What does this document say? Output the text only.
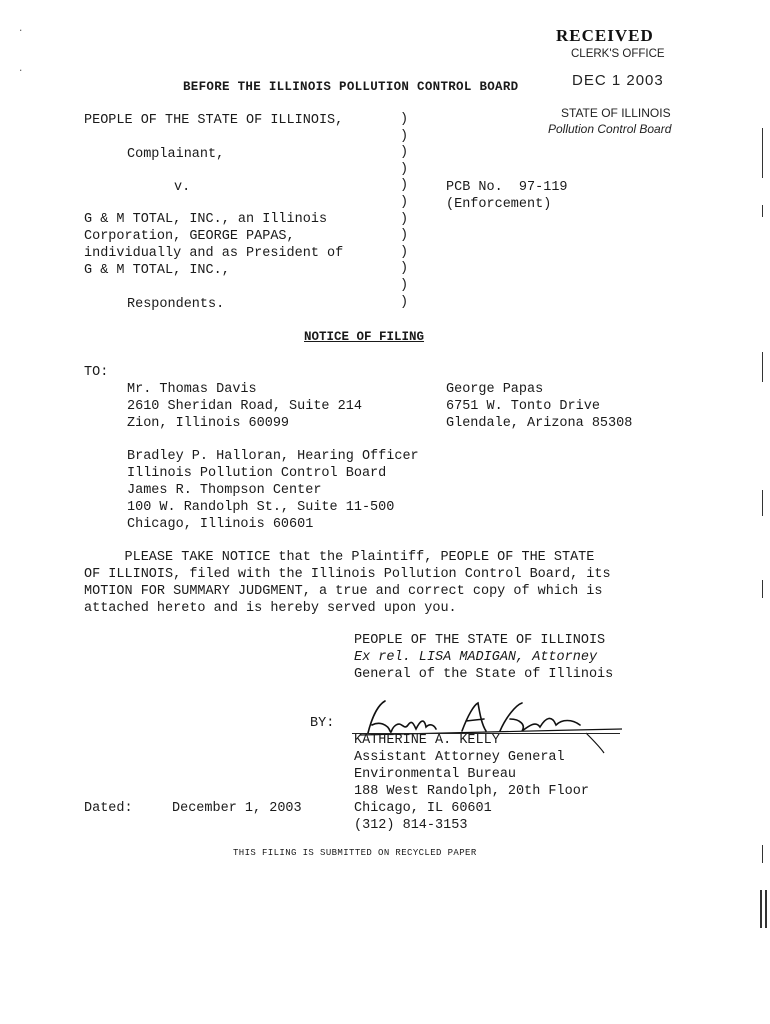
RECEIVED
CLERK'S OFFICE
DEC 1 2003
STATE OF ILLINOIS
Pollution Control Board
BEFORE THE ILLINOIS POLLUTION CONTROL BOARD
PEOPLE OF THE STATE OF ILLINOIS,
Complainant,
v.
G & M TOTAL, INC., an Illinois
Corporation, GEORGE PAPAS,
individually and as President of
G & M TOTAL, INC.,
Respondents.
)
)
)
)
)
)
)
)
)
)
)
)
PCB No.  97-119
(Enforcement)
NOTICE OF FILING
TO:
Mr. Thomas Davis
2610 Sheridan Road, Suite 214
Zion, Illinois 60099
George Papas
6751 W. Tonto Drive
Glendale, Arizona 85308
Bradley P. Halloran, Hearing Officer
Illinois Pollution Control Board
James R. Thompson Center
100 W. Randolph St., Suite 11-500
Chicago, Illinois 60601
PLEASE TAKE NOTICE that the Plaintiff, PEOPLE OF THE STATE
OF ILLINOIS, filed with the Illinois Pollution Control Board, its
MOTION FOR SUMMARY JUDGMENT, a true and correct copy of which is
attached hereto and is hereby served upon you.
PEOPLE OF THE STATE OF ILLINOIS
Ex rel. LISA MADIGAN, Attorney
General of the State of Illinois
BY:
KATHERINE A. KELLY
Assistant Attorney General
Environmental Bureau
188 West Randolph, 20th Floor
Chicago, IL 60601
(312) 814-3153
Dated:	December 1, 2003
THIS FILING IS SUBMITTED ON RECYCLED PAPER
·
·
